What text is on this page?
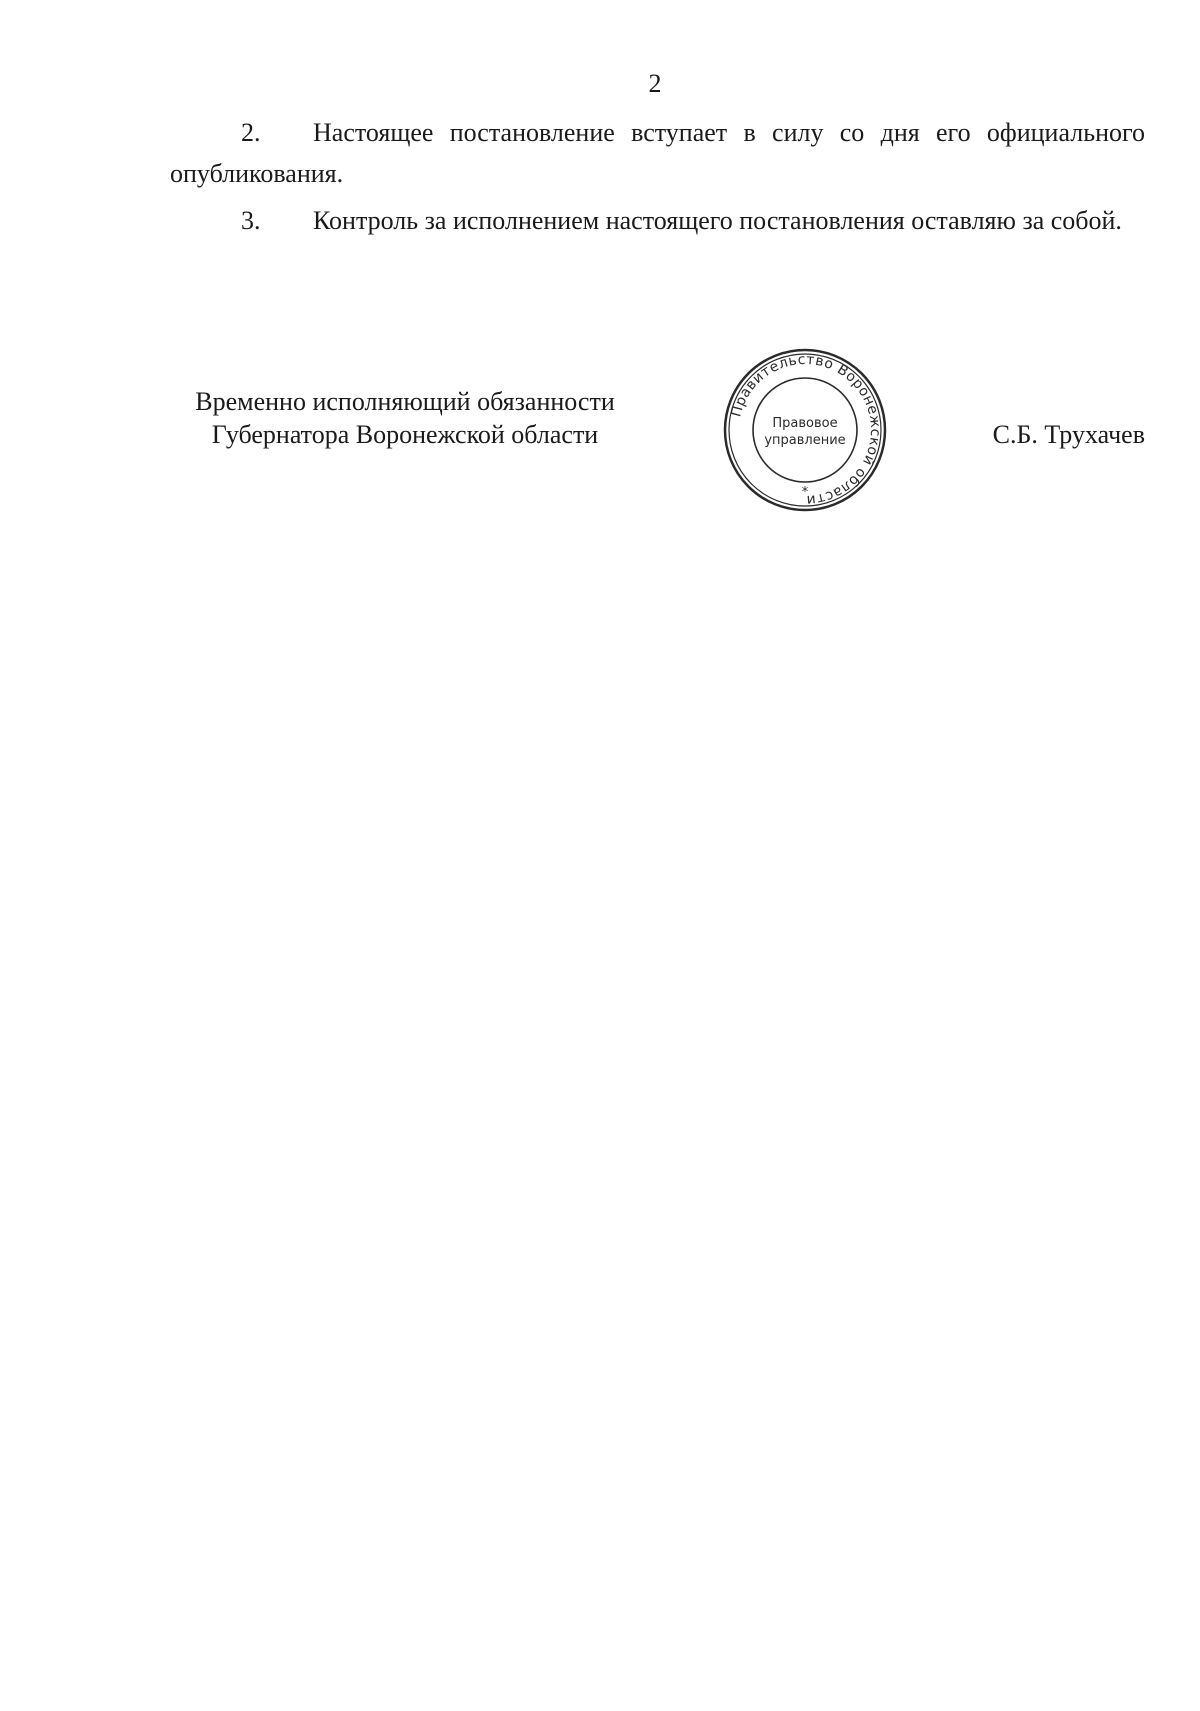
2

2. Настоящее постановление вступает в силу со дня его официального опубликования.

3. Контроль за исполнением настоящего постановления оставляю за собой.

Временно исполняющий обязанности
Губернатора Воронежской области
Правительство Воронежской области
Правовое
управление
*
С.Б. Трухачев
